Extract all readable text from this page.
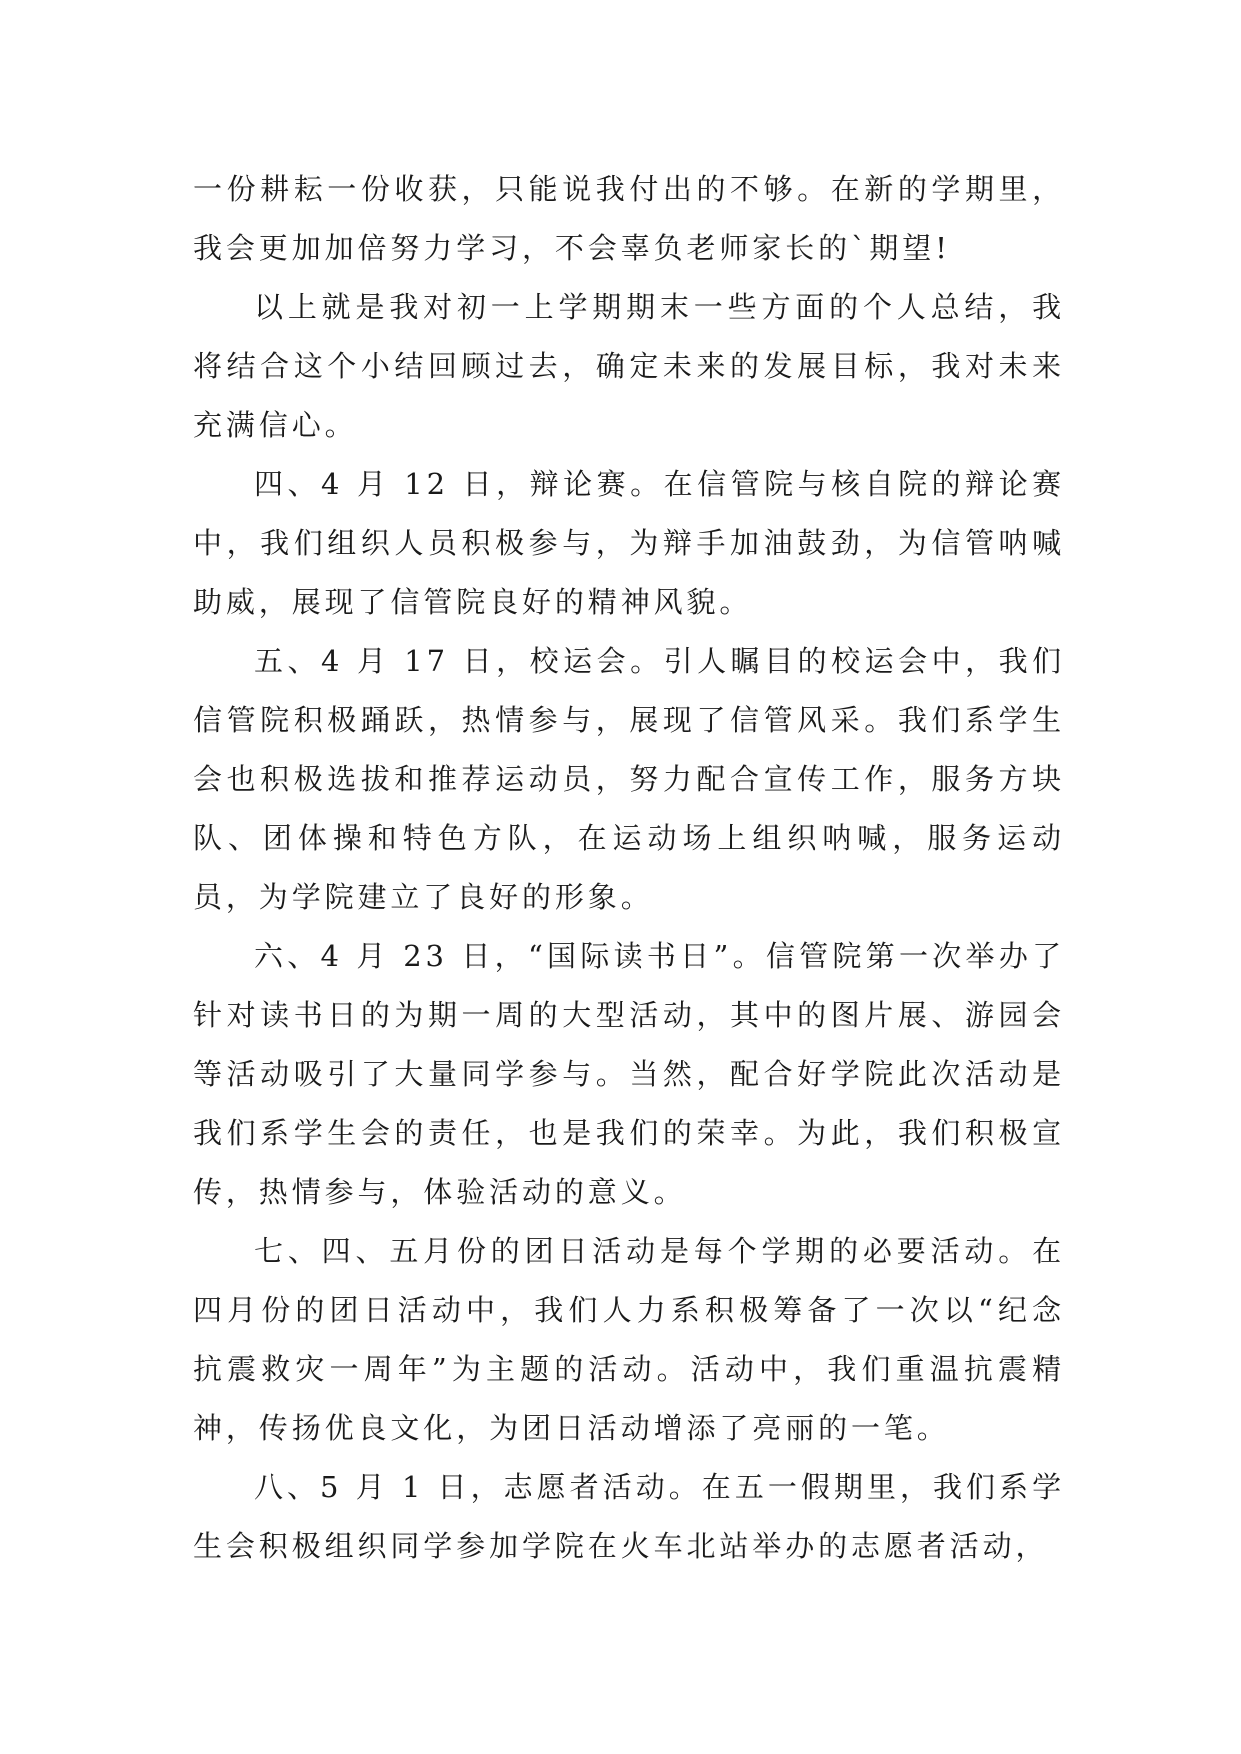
一份耕耘一份收获，只能说我付出的不够。在新的学期里，我会更加加倍努力学习，不会辜负老师家长的`期望!

以上就是我对初一上学期期末一些方面的个人总结，我将结合这个小结回顾过去，确定未来的发展目标，我对未来充满信心。

四、4 月 12 日，辩论赛。在信管院与核自院的辩论赛中，我们组织人员积极参与，为辩手加油鼓劲，为信管呐喊助威，展现了信管院良好的精神风貌。

五、4 月 17 日，校运会。引人瞩目的校运会中，我们信管院积极踊跃，热情参与，展现了信管风采。我们系学生会也积极选拔和推荐运动员，努力配合宣传工作，服务方块队、团体操和特色方队，在运动场上组织呐喊，服务运动员，为学院建立了良好的形象。

六、4 月 23 日，“国际读书日”。信管院第一次举办了针对读书日的为期一周的大型活动，其中的图片展、游园会等活动吸引了大量同学参与。当然，配合好学院此次活动是我们系学生会的责任，也是我们的荣幸。为此，我们积极宣传，热情参与，体验活动的意义。

七、四、五月份的团日活动是每个学期的必要活动。在四月份的团日活动中，我们人力系积极筹备了一次以“纪念抗震救灾一周年”为主题的活动。活动中，我们重温抗震精神，传扬优良文化，为团日活动增添了亮丽的一笔。

八、5 月 1 日，志愿者活动。在五一假期里，我们系学生会积极组织同学参加学院在火车北站举办的志愿者活动，
